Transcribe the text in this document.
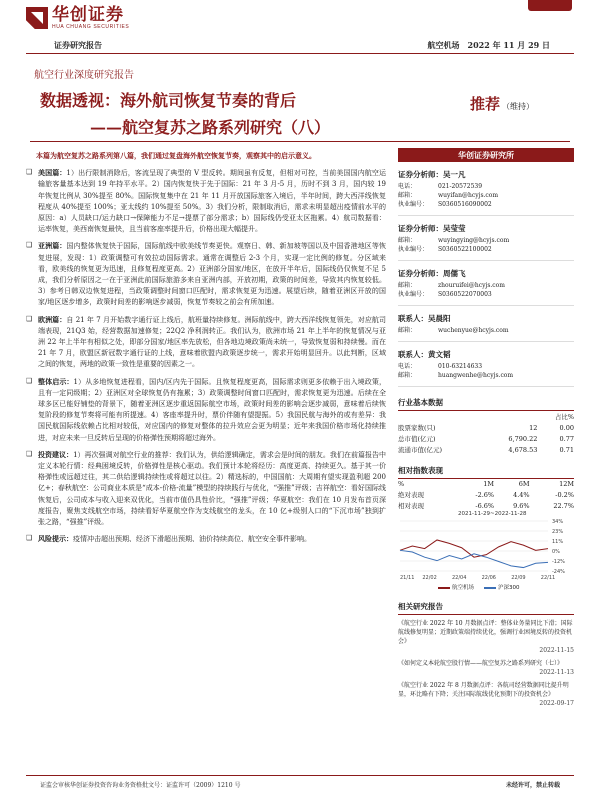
华创证券
HUA CHUANG SECURITIES
证券研究报告	航空机场 2022 年 11 月 29 日
航空行业深度研究报告
数据透视：海外航司恢复节奏的背后
——航空复苏之路系列研究（八）
推荐 （维持）
本篇为航空复苏之路系列第八篇，我们通过复盘海外航空恢复节奏，观察其中的启示意义。
❑ 美国篇：1）出行限制消除后，客流呈现了典型的 V 型反转。期间虽有反复，但相对可控，当前美国国内航空运输旅客量基本达到 19 年持平水平。2）国内恢复快于先于国际：21 年 3 月-5 月，历时不到 3 月，国内较 19 年恢复比例从 30%提至 80%。国际恢复集中在 21 年 11 月开放国际旅客入境后，半年时间，跨大西洋线恢复程度从 40%提至 100%；亚太线约 10%提至 50%。3）我们分析，限制取消后，需求未明显超出疫情前水平的原因：a）人员缺口/运力缺口→保障能力不足→提票了部分需求；b）国际线仍受亚太区拖累。4）航司数据看：运率恢复，美西南恢复最快，且当前客座率提升后，价格出现大幅提升。
❑ 亚洲篇：国内整体恢复快于国际，国际航线中欧美线节奏更快。观察日、韩、新加坡等国以及中国香港地区等恢复进展，发现：1）政策调整可有效拉动国际需求。通常在调整后 2-3 个月，实现一定比例的修复。分区域来看，欧美线的恢复更为迅速，且修复程度更高。2）亚洲部分国家/地区，在放开半年后，国际线仍仅恢复不足 5 成，我们分析原因之一在于亚洲此前国际旅游多来自亚洲内部，开放初期，政策的时间差，导致其内恢复较低。3）参考日韩双边恢复进程，当政策调整时间窗口匹配时，需求恢复更为迅速。展望后续，随着亚洲区开放的国家/地区逐步增多，政策时间差的影响逐步减弱，恢复节奏较之前会有所加速。
❑ 欧洲篇：自 21 年 7 月开始数字通行证上线后，航班量持续修复。洲际航线中，跨大西洋线恢复领先，对应航司端表现，21Q3 始，经营数据加速修复；22Q2 净利润转正。我们认为，欧洲市场 21 年上半年的恢复情况与亚洲 22 年上半年有相似之处，即部分国家/地区率先放松，但各地边境政策尚未统一，导致恢复弱和持续慢。而在 21 年 7 月，欧盟区新冠数字通行证的上线，意味着欧盟内政策逐步统一，需求开始明显回升。以此判断，区域之间的恢复，两地的政策一致性是重要的因素之一。
❑ 整体启示：1）从多地恢复进程看，国内/区内先于国际。且恢复程度更高，国际需求则更多依赖于出入境政策，且有一定同级期；2）亚洲区对全球恢复仍有拖累；3）政策调整时间窗口匹配时，需求恢复更为迅速。后续在全球多区已能好铺垫的背景下，随着亚洲区逐步重返国际航空市场，政策时间差的影响会逐步减弱，意味着后续恢复阶段的修复节奏将可能有所提速。4）客座率提升时，票价伴随有望提振。5）我国民航与海外的或有差异：我国民航国际线依赖占比相对较低，对应国内的修复对整体的拉升效应会更为明显；近年来我国价格市场化持续推进，对应未来一旦反转后呈现的价格弹性预期将超过海外。
❑ 投资建议：1）再次强调对航空行业的推荐：我们认为，供给逻辑确定，需求会是时间的朋友。我们在前篇报告中定义本轮行情：经典困境反转，价格弹性是核心驱动。我们预计本轮将经历：高度更高、持续更久。基于其一价格弹性或远超过往，其二供给逻辑持续性或将超过以往。2）精选标的，中国国航：大周期有望实现盈利超 200 亿+；春秋航空：公司商业本质是“成本-价格-流量”模型的持续践行与优化，“强推”评级；吉祥航空：看好国际线恢复后，公司成本与收入迎来双优化，当前市值仍具性价比，“强推”评级；华夏航空：我们在 10 月发布首页深度报告，聚焦支线航空市场，持续看好华夏航空作为支线航空的龙头，在 10 亿+级别人口的“下沉市场”独到扩张之路，“强推”评级。
❑ 风险提示：疫情冲击超出预期、经济下滑超出预期、油价持续高位、航空安全事件影响。
华创证券研究所
证券分析师：吴一凡
电话：	021-20572539
邮箱：	wuyifan@hcyjs.com
执业编号：	S0360516090002
证券分析师：吴莹莹
邮箱：	wuyingying@hcyjs.com
执业编号：	S0360522100002
证券分析师：周儒飞
邮箱：	zhouruifei@hcyjs.com
执业编号：	S0360522070003
联系人：吴晨阳
邮箱：	wuchenyue@hcyjs.com
联系人：黄文韬
电话：	010-63214633
邮箱：	huangwenhe@hcyjs.com
行业基本数据
		占比%
股票家数(只)	12	0.00
总市值(亿元)	6,790.22	0.77
流通市值(亿元)	4,678.53	0.71
相对指数表现
%	1M	6M	12M
绝对表现	-2.6%	4.4%	-0.2%
相对表现	-6.6%	9.6%	22.7%
34%
23%
11%
0%
-12%
-24%
21/11 22/02	22/04	22/06	22/09	22/11
2021-11-29~2022-11-28
航空机场	沪深300
相关研究报告
《航空行业 2022 年 10 月数据点评：整体业务量同比下滑；国际航线修复明显；近期政策端持续优化，强调行业困境反转的投资机会》
2022-11-15
《如何定义本轮航空股行情——航空复苏之路系列研究（七）》
2022-11-13
《航空行业 2022 年 8 月数据点评：各航司经营数据同比提升明显，环比略有下降；关注国际航线优化预期下的投资机会》
2022-09-17
证监会审核华创证券投资咨询业务资格批文号：证监许可（2009）1210 号	未经许可，禁止转载
